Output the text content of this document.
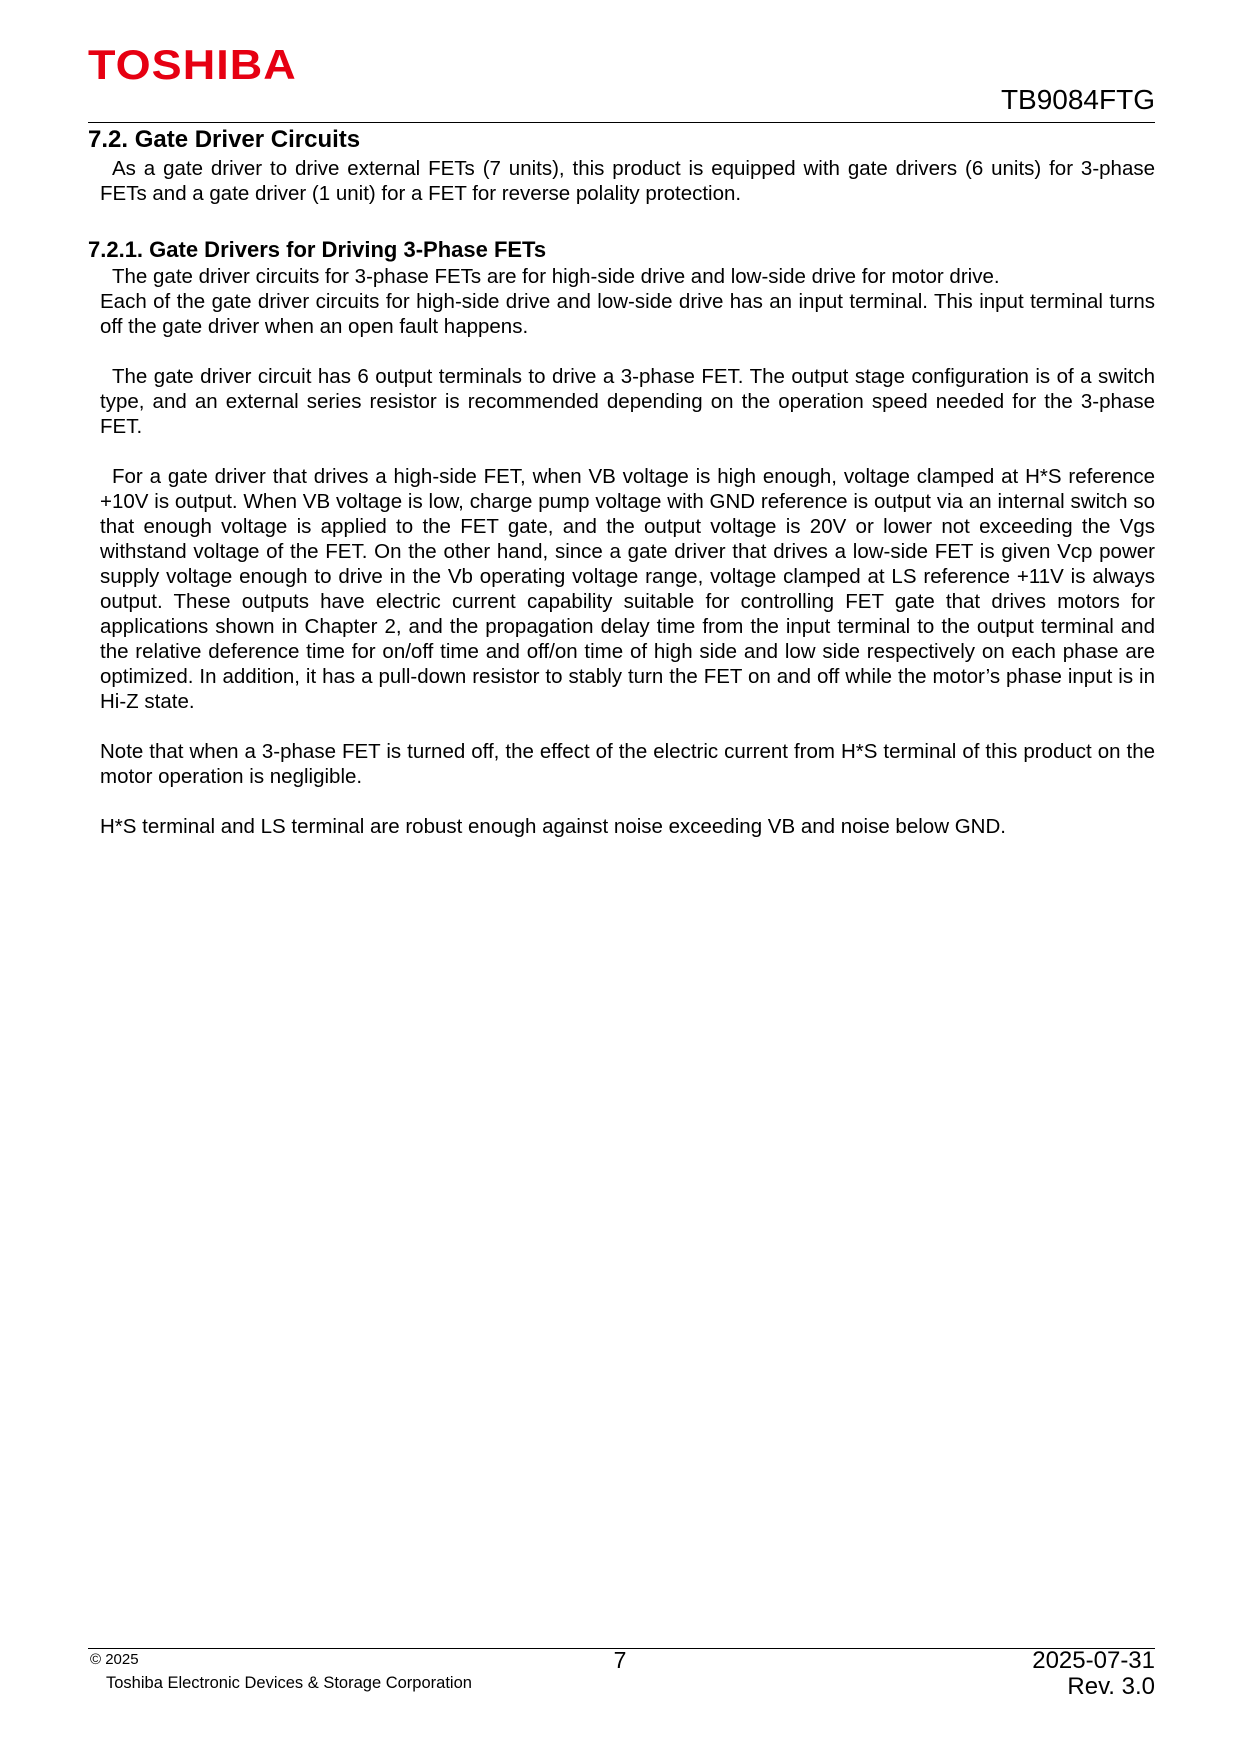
TOSHIBA
TB9084FTG
7.2. Gate Driver Circuits

As a gate driver to drive external FETs (7 units), this product is equipped with gate drivers (6 units) for 3-phase FETs and a gate driver (1 unit) for a FET for reverse polality protection.

7.2.1. Gate Drivers for Driving 3-Phase FETs

The gate driver circuits for 3-phase FETs are for high-side drive and low-side drive for motor drive.

Each of the gate driver circuits for high-side drive and low-side drive has an input terminal. This input terminal turns off the gate driver when an open fault happens.

The gate driver circuit has 6 output terminals to drive a 3-phase FET. The output stage configuration is of a switch type, and an external series resistor is recommended depending on the operation speed needed for the 3-phase FET.

For a gate driver that drives a high-side FET, when VB voltage is high enough, voltage clamped at H*S reference +10V is output. When VB voltage is low, charge pump voltage with GND reference is output via an internal switch so that enough voltage is applied to the FET gate, and the output voltage is 20V or lower not exceeding the Vgs withstand voltage of the FET. On the other hand, since a gate driver that drives a low-side FET is given Vcp power supply voltage enough to drive in the Vb operating voltage range, voltage clamped at LS reference +11V is always output. These outputs have electric current capability suitable for controlling FET gate that drives motors for applications shown in Chapter 2, and the propagation delay time from the input terminal to the output terminal and the relative deference time for on/off time and off/on time of high side and low side respectively on each phase are optimized. In addition, it has a pull-down resistor to stably turn the FET on and off while the motor’s phase input is in Hi-Z state.

Note that when a 3-phase FET is turned off, the effect of the electric current from H*S terminal of this product on the motor operation is negligible.

H*S terminal and LS terminal are robust enough against noise exceeding VB and noise below GND.

© 2025
Toshiba Electronic Devices & Storage Corporation
7	2025-07-31
Rev. 3.0
